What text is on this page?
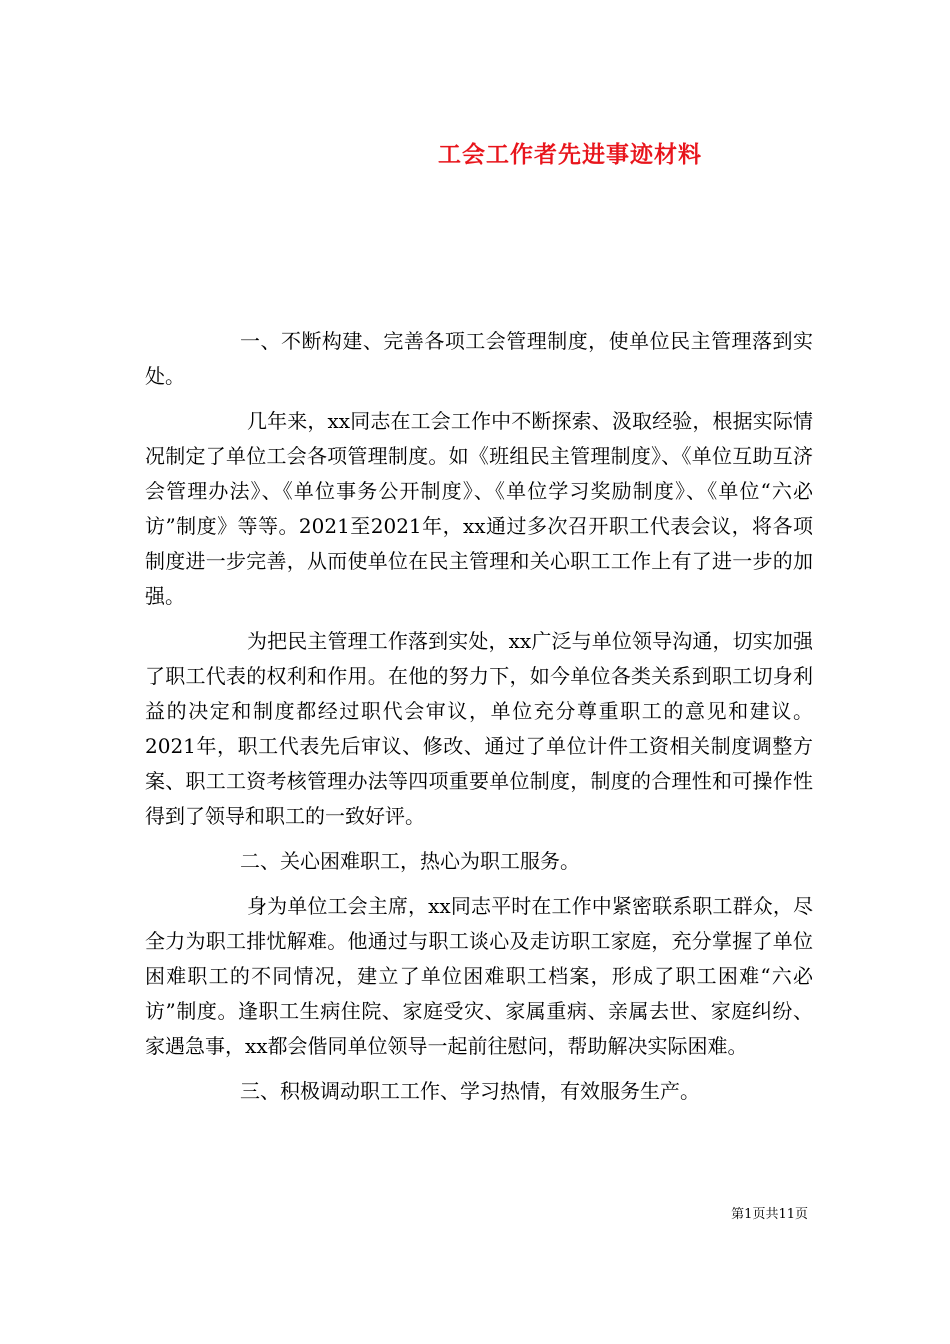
工会工作者先进事迹材料

一、不断构建、完善各项工会管理制度，使单位民主管理落到实处。

几年来，xx同志在工会工作中不断探索、汲取经验，根据实际情况制定了单位工会各项管理制度。如《班组民主管理制度》、《单位互助互济会管理办法》、《单位事务公开制度》、《单位学习奖励制度》、《单位“六必访”制度》等等。2021至2021年，xx通过多次召开职工代表会议，将各项制度进一步完善，从而使单位在民主管理和关心职工工作上有了进一步的加强。

为把民主管理工作落到实处，xx广泛与单位领导沟通，切实加强了职工代表的权利和作用。在他的努力下，如今单位各类关系到职工切身利益的决定和制度都经过职代会审议，单位充分尊重职工的意见和建议。2021年，职工代表先后审议、修改、通过了单位计件工资相关制度调整方案、职工工资考核管理办法等四项重要单位制度，制度的合理性和可操作性得到了领导和职工的一致好评。

二、关心困难职工，热心为职工服务。

身为单位工会主席，xx同志平时在工作中紧密联系职工群众，尽全力为职工排忧解难。他通过与职工谈心及走访职工家庭，充分掌握了单位困难职工的不同情况，建立了单位困难职工档案，形成了职工困难“六必访”制度。逢职工生病住院、家庭受灾、家属重病、亲属去世、家庭纠纷、家遇急事，xx都会偕同单位领导一起前往慰问，帮助解决实际困难。

三、积极调动职工工作、学习热情，有效服务生产。

第1页共11页
